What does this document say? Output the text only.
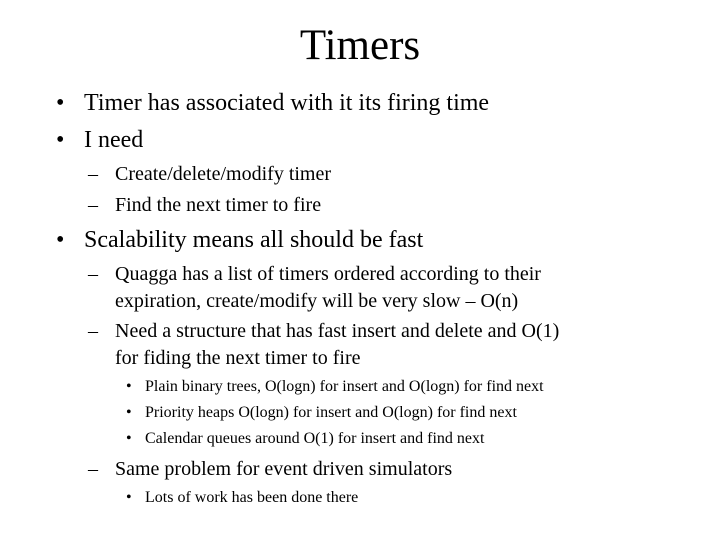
Timers
• Timer has associated with it its firing time
• I need
– Create/delete/modify timer
– Find the next timer to fire
• Scalability means all should be fast
– Quagga has a list of timers ordered according to their
expiration, create/modify will be very slow – O(n)
– Need a structure that has fast insert and delete and O(1)
for fiding the next timer to fire
• Plain binary trees, O(logn) for insert and O(logn) for find next
• Priority heaps O(logn) for insert and O(logn) for find next
• Calendar queues around O(1) for insert and find next
– Same problem for event driven simulators
• Lots of work has been done there
